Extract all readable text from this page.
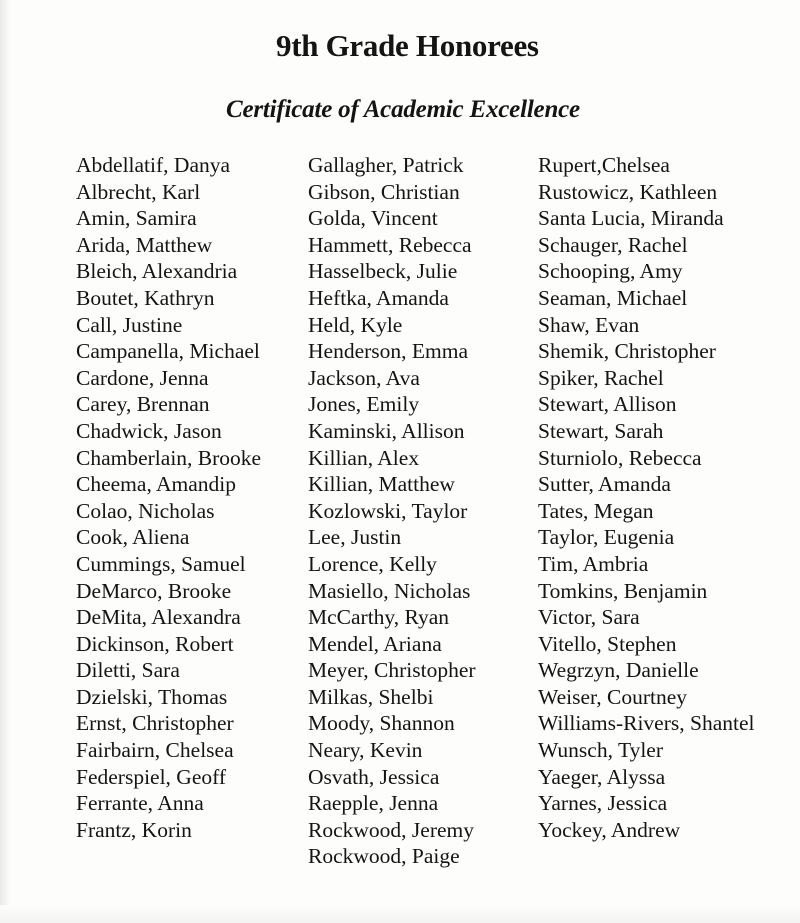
9th Grade Honorees
Certificate of Academic Excellence
Abdellatif, Danya
Albrecht, Karl
Amin, Samira
Arida, Matthew
Bleich, Alexandria
Boutet, Kathryn
Call, Justine
Campanella, Michael
Cardone, Jenna
Carey, Brennan
Chadwick, Jason
Chamberlain, Brooke
Cheema, Amandip
Colao, Nicholas
Cook, Aliena
Cummings, Samuel
DeMarco, Brooke
DeMita, Alexandra
Dickinson, Robert
Diletti, Sara
Dzielski, Thomas
Ernst, Christopher
Fairbairn, Chelsea
Federspiel, Geoff
Ferrante, Anna
Frantz, Korin
Gallagher, Patrick
Gibson, Christian
Golda, Vincent
Hammett, Rebecca
Hasselbeck, Julie
Heftka, Amanda
Held, Kyle
Henderson, Emma
Jackson, Ava
Jones, Emily
Kaminski, Allison
Killian, Alex
Killian, Matthew
Kozlowski, Taylor
Lee, Justin
Lorence, Kelly
Masiello, Nicholas
McCarthy, Ryan
Mendel, Ariana
Meyer, Christopher
Milkas, Shelbi
Moody, Shannon
Neary, Kevin
Osvath, Jessica
Raepple, Jenna
Rockwood, Jeremy
Rockwood, Paige
Rupert,Chelsea
Rustowicz, Kathleen
Santa Lucia, Miranda
Schauger, Rachel
Schooping, Amy
Seaman, Michael
Shaw, Evan
Shemik, Christopher
Spiker, Rachel
Stewart, Allison
Stewart, Sarah
Sturniolo, Rebecca
Sutter, Amanda
Tates, Megan
Taylor, Eugenia
Tim, Ambria
Tomkins, Benjamin
Victor, Sara
Vitello, Stephen
Wegrzyn, Danielle
Weiser, Courtney
Williams-Rivers, Shantel
Wunsch, Tyler
Yaeger, Alyssa
Yarnes, Jessica
Yockey, Andrew
